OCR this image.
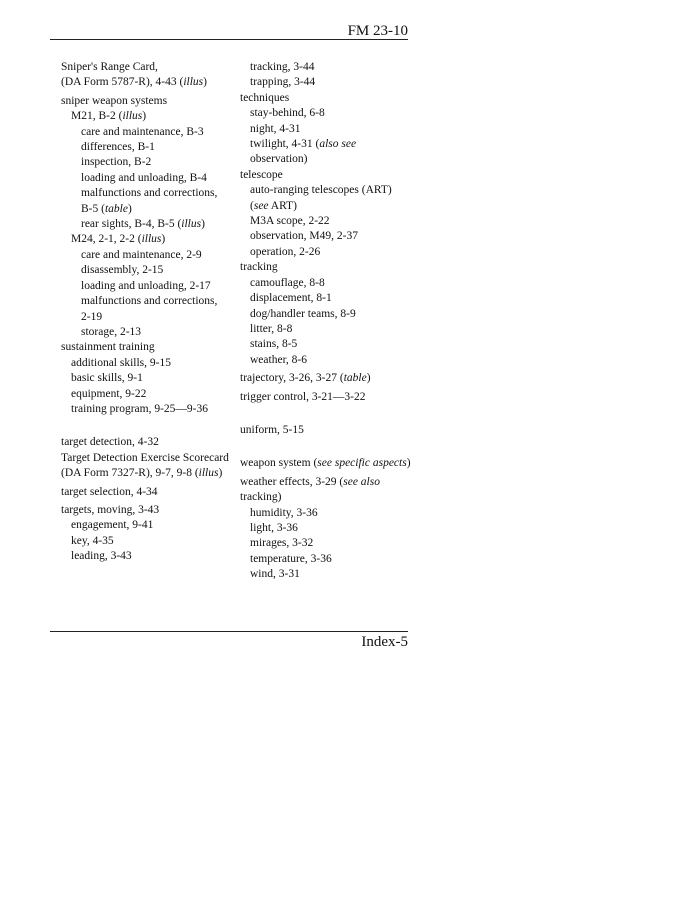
FM 23-10
Sniper's Range Card,
(DA Form 5787-R), 4-43 (illus)
sniper weapon systems
M21, B-2 (illus)
care and maintenance, B-3
differences, B-1
inspection, B-2
loading and unloading, B-4
malfunctions and corrections,
B-5 (table)
rear sights, B-4, B-5 (illus)
M24, 2-1, 2-2 (illus)
care and maintenance, 2-9
disassembly, 2-15
loading and unloading, 2-17
malfunctions and corrections,
2-19
storage, 2-13
sustainment training
additional skills, 9-15
basic skills, 9-1
equipment, 9-22
training program, 9-25—9-36
target detection, 4-32
Target Detection Exercise Scorecard
(DA Form 7327-R), 9-7, 9-8 (illus)
target selection, 4-34
targets, moving, 3-43
engagement, 9-41
key, 4-35
leading, 3-43
tracking, 3-44
trapping, 3-44
techniques
stay-behind, 6-8
night, 4-31
twilight, 4-31 (also see observation)
telescope
auto-ranging telescopes (ART)
(see ART)
M3A scope, 2-22
observation, M49, 2-37
operation, 2-26
tracking
camouflage, 8-8
displacement, 8-1
dog/handler teams, 8-9
litter, 8-8
stains, 8-5
weather, 8-6
trajectory, 3-26, 3-27 (table)
trigger control, 3-21—3-22
uniform, 5-15
weapon system (see specific aspects)
weather effects, 3-29 (see also
tracking)
humidity, 3-36
light, 3-36
mirages, 3-32
temperature, 3-36
wind, 3-31
Index-5
